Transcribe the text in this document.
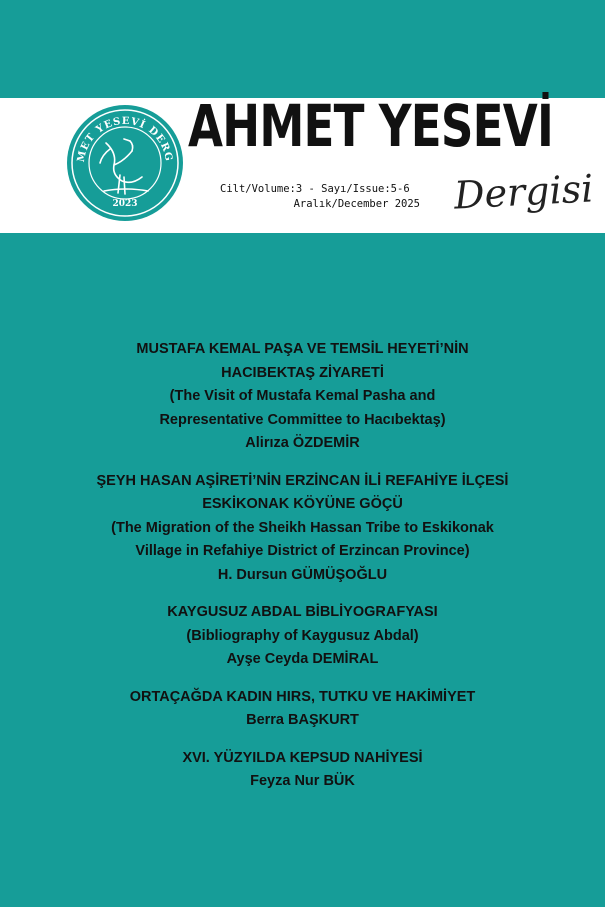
MET YESEVİ DERG
2023
AHMET YESEVİ
Cilt/Volume:3 - Sayı/Issue:5-6
Aralık/December 2025 Dergisi
MUSTAFA KEMAL PAŞA VE TEMSİL HEYETİ’NİN
HACIBEKTAŞ ZİYARETİ
(The Visit of Mustafa Kemal Pasha and
Representative Committee to Hacıbektaş)
Alirıza ÖZDEMİR
ŞEYH HASAN AŞİRETİ’NİN ERZİNCAN İLİ REFAHİYE İLÇESİ
ESKİKONAK KÖYÜNE GÖÇÜ
(The Migration of the Sheikh Hassan Tribe to Eskikonak
Village in Refahiye District of Erzincan Province)
H. Dursun GÜMÜŞOĞLU
KAYGUSUZ ABDAL BİBLİYOGRAFYASI
(Bibliography of Kaygusuz Abdal)
Ayşe Ceyda DEMİRAL
ORTAÇAĞDA KADIN HIRS, TUTKU VE HAKİMİYET
Berra BAŞKURT
XVI. YÜZYILDA KEPSUD NAHİYESİ
Feyza Nur BÜK
